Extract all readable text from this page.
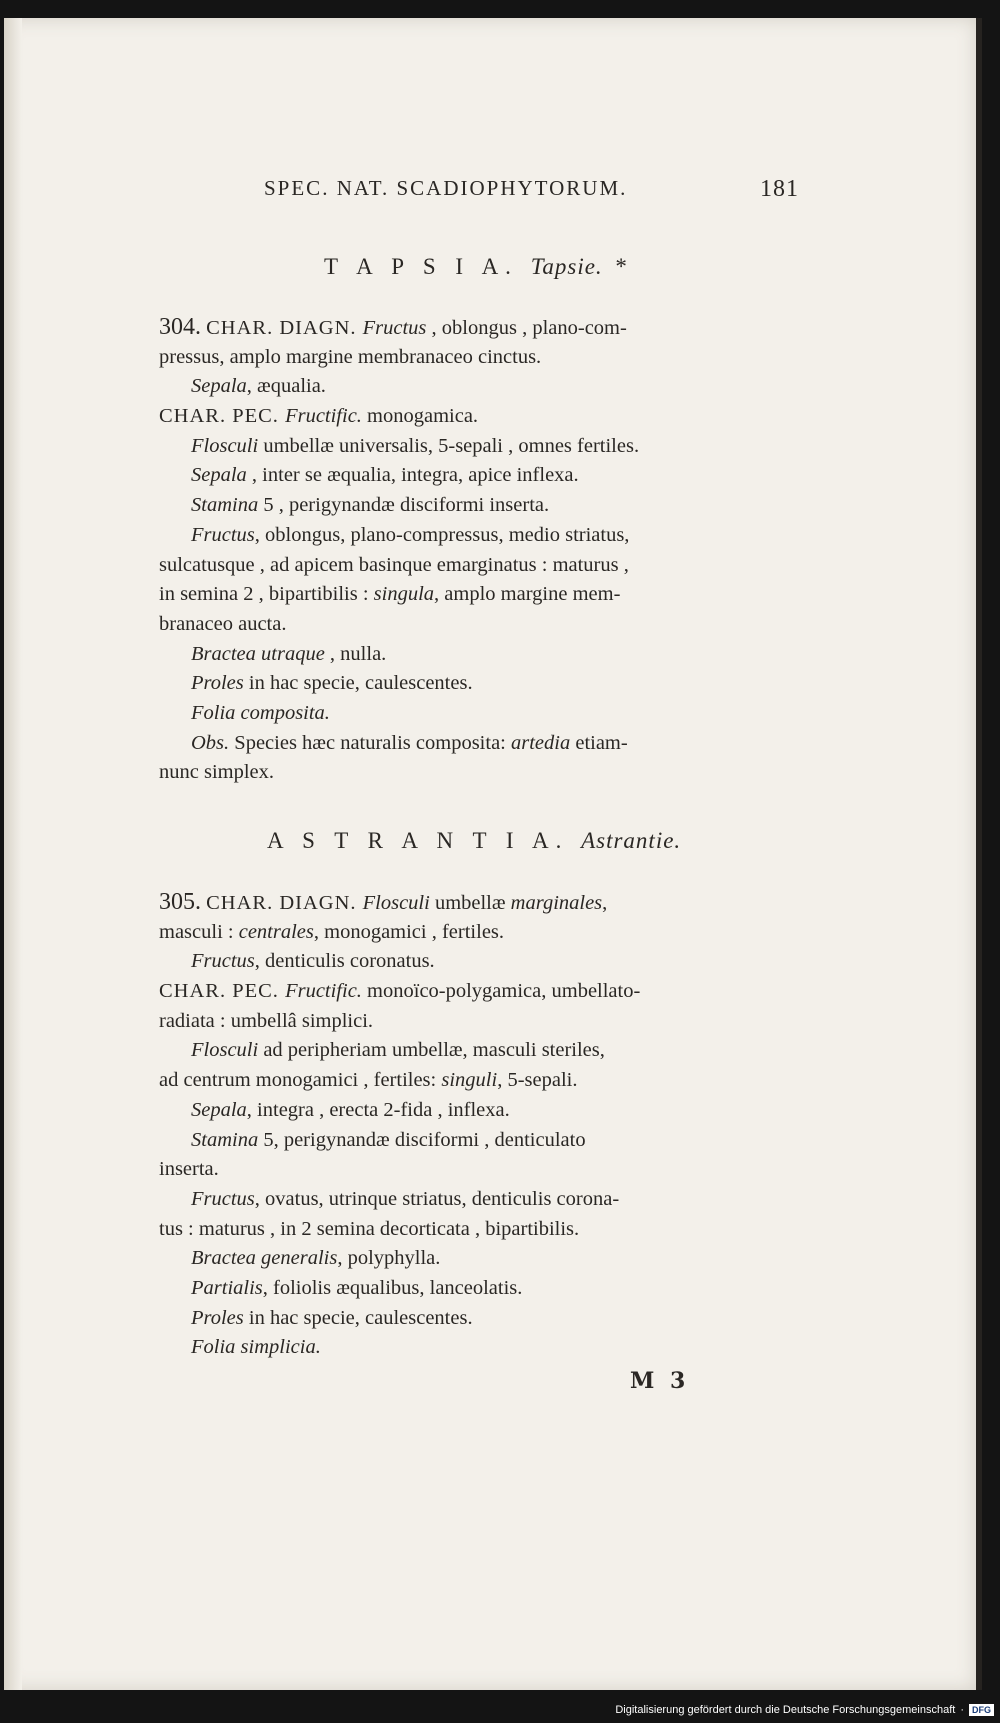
SPEC. NAT. SCADIOPHYTORUM.	181
T A P S I A. Tapsie. *
304. CHAR. DIAGN. Fructus , oblongus , plano-com-
pressus, amplo margine membranaceo cinctus.
Sepala, æqualia.
CHAR. PEC. Fructific. monogamica.
Flosculi umbellæ universalis, 5-sepali , omnes fertiles.
Sepala , inter se æqualia, integra, apice inflexa.
Stamina 5 , perigynandæ disciformi inserta.
Fructus, oblongus, plano-compressus, medio striatus,
sulcatusque , ad apicem basinque emarginatus : maturus ,
in semina 2 , bipartibilis : singula, amplo margine mem-
branaceo aucta.
Bractea utraque , nulla.
Proles in hac specie, caulescentes.
Folia composita.
Obs. Species hæc naturalis composita: artedia etiam-
nunc simplex.
A S T R A N T I A. Astrantie.
305. CHAR. DIAGN. Flosculi umbellæ marginales,
masculi : centrales, monogamici , fertiles.
Fructus, denticulis coronatus.
CHAR. PEC. Fructific. monoïco-polygamica, umbellato-
radiata : umbellâ simplici.
Flosculi ad peripheriam umbellæ, masculi steriles,
ad centrum monogamici , fertiles: singuli, 5-sepali.
Sepala, integra , erecta 2-fida , inflexa.
Stamina 5, perigynandæ disciformi , denticulato
inserta.
Fructus, ovatus, utrinque striatus, denticulis corona-
tus : maturus , in 2 semina decorticata , bipartibilis.
Bractea generalis, polyphylla.
Partialis, foliolis æqualibus, lanceolatis.
Proles in hac specie, caulescentes.
Folia simplicia.
M 3
Digitalisierung gefördert durch die Deutsche Forschungsgemeinschaft · DFG
